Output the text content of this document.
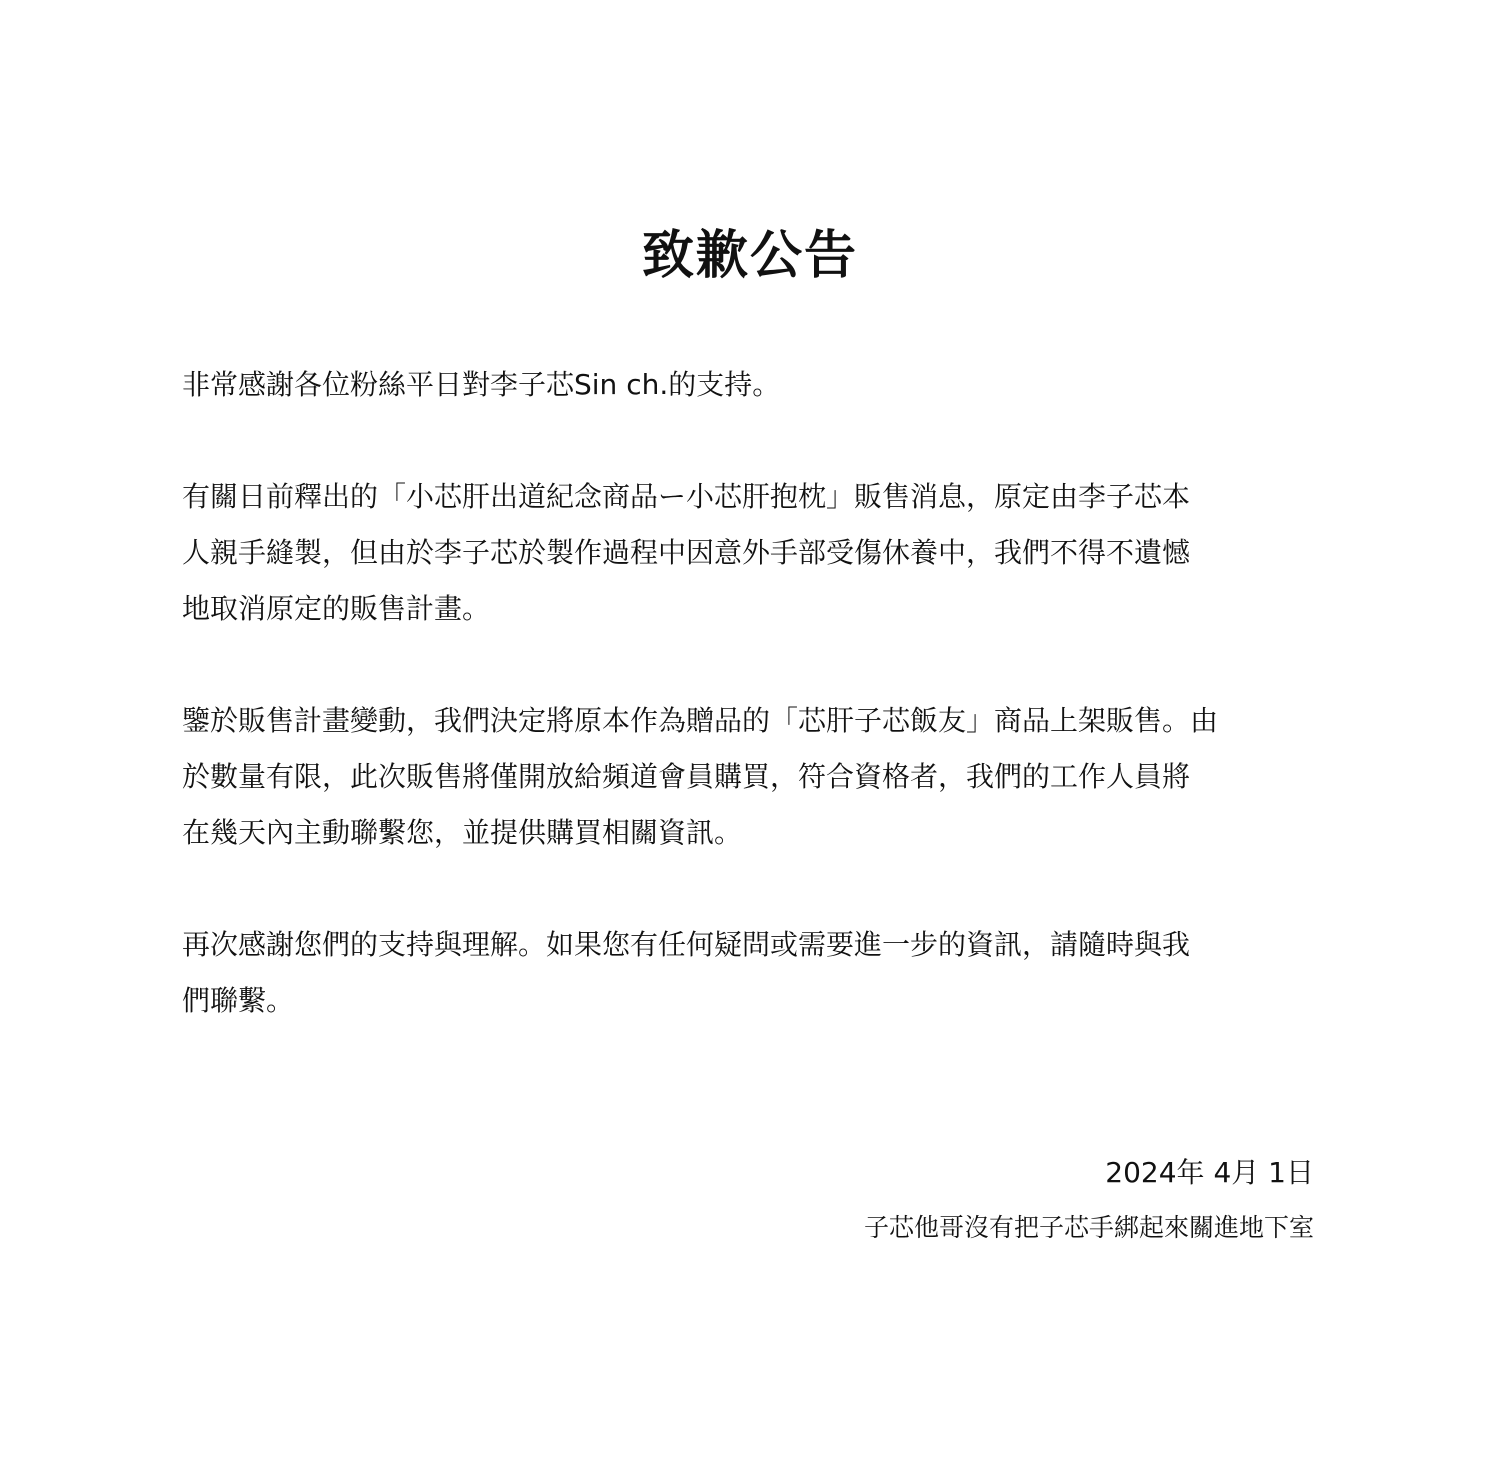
致歉公告

非常感謝各位粉絲平日對李子芯Sin ch.的支持。

有關日前釋出的「小芯肝出道紀念商品ー小芯肝抱枕」販售消息，原定由李子芯本
人親手縫製，但由於李子芯於製作過程中因意外手部受傷休養中，我們不得不遺憾
地取消原定的販售計畫。

鑒於販售計畫變動，我們決定將原本作為贈品的「芯肝子芯飯友」商品上架販售。由
於數量有限，此次販售將僅開放給頻道會員購買，符合資格者，我們的工作人員將
在幾天內主動聯繫您，並提供購買相關資訊。

再次感謝您們的支持與理解。如果您有任何疑問或需要進一步的資訊，請隨時與我
們聯繫。

2024年 4月 1日
子芯他哥沒有把子芯手綁起來關進地下室
